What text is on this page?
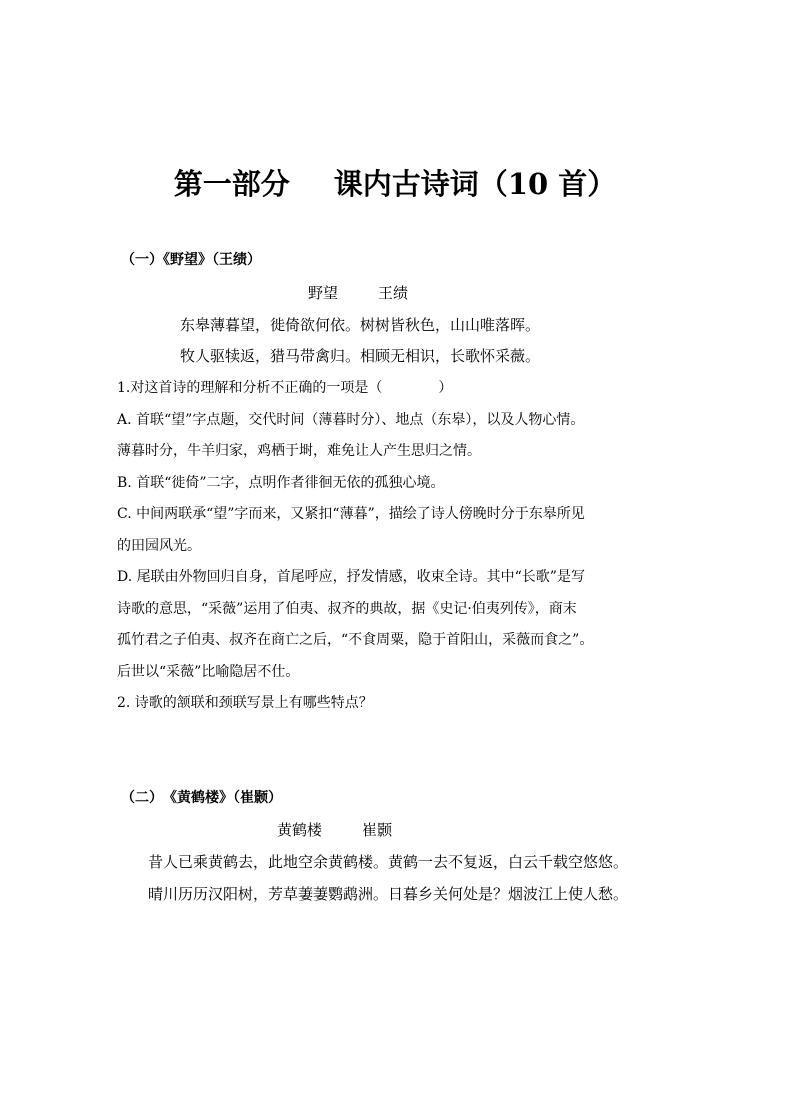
第一部分 课内古诗词（10 首）
（一）《野望》（王绩）
野望	王绩
东皋薄暮望，徙倚欲何依。树树皆秋色，山山唯落晖。
牧人驱犊返，猎马带禽归。相顾无相识，长歌怀采薇。
1.对这首诗的理解和分析不正确的一项是（　　　　）
A. 首联“望”字点题，交代时间（薄暮时分）、地点（东皋），以及人物心情。
薄暮时分，牛羊归家，鸡栖于埘，难免让人产生思归之情。
B. 首联“徙倚”二字，点明作者徘徊无依的孤独心境。
C. 中间两联承“望”字而来，又紧扣“薄暮”，描绘了诗人傍晚时分于东皋所见
的田园风光。
D. 尾联由外物回归自身，首尾呼应，抒发情感，收束全诗。其中“长歌”是写
诗歌的意思，“采薇”运用了伯夷、叔齐的典故，据《史记·伯夷列传》，商末
孤竹君之子伯夷、叔齐在商亡之后，“不食周粟，隐于首阳山，采薇而食之”。
后世以“采薇”比喻隐居不仕。
2. 诗歌的颔联和颈联写景上有哪些特点？
（二）　《黄鹤楼》（崔颢）
黄鹤楼	崔颢
昔人已乘黄鹤去，此地空余黄鹤楼。黄鹤一去不复返，白云千载空悠悠。
晴川历历汉阳树，芳草萋萋鹦鹉洲。日暮乡关何处是？烟波江上使人愁。
